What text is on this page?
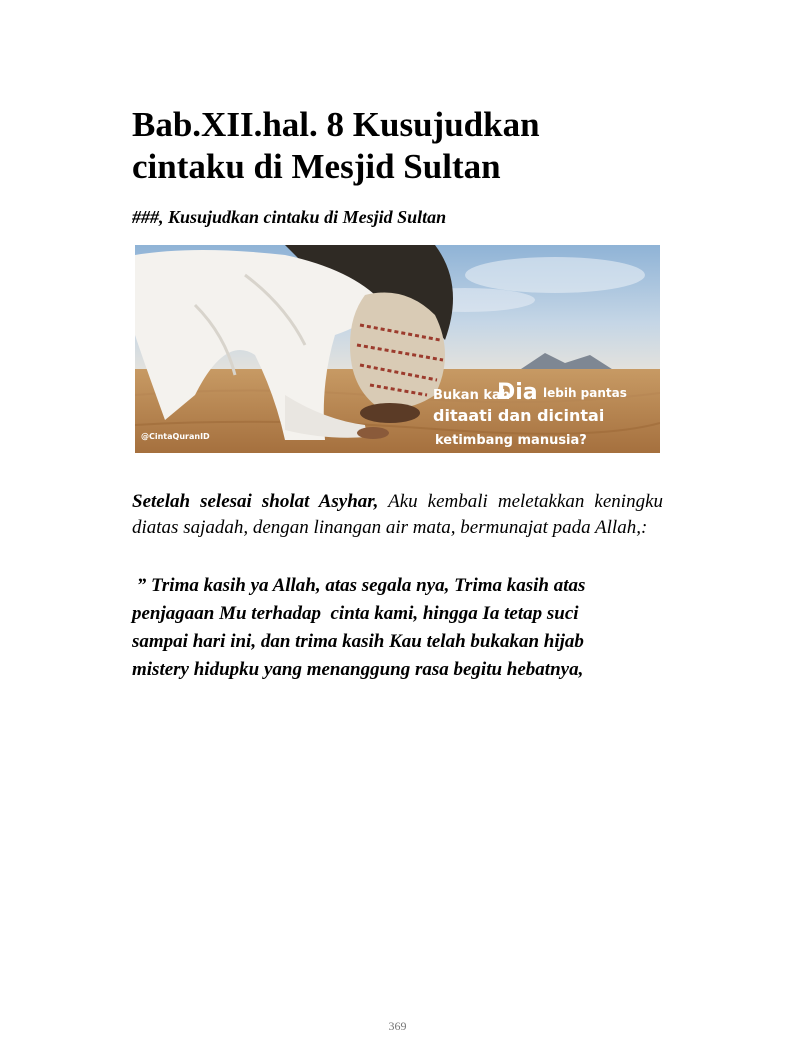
Bab.XII.hal. 8 Kusujudkan
cintaku di Mesjid Sultan

###, Kusujudkan cintaku di Mesjid Sultan

Bukan kah
Dia lebih pantas
ditaati dan dicintai
ketimbang manusia?
@CintaQuranID

Setelah selesai sholat Asyhar, Aku kembali meletakkan keningku diatas sajadah, dengan linangan air mata, bermunajat pada Allah,:

” Trima kasih ya Allah, atas segala nya, Trima kasih atas
penjagaan Mu terhadap  cinta kami, hingga Ia tetap suci
sampai hari ini, dan trima kasih Kau telah bukakan hijab
mistery hidupku yang menanggung rasa begitu hebatnya,

369
